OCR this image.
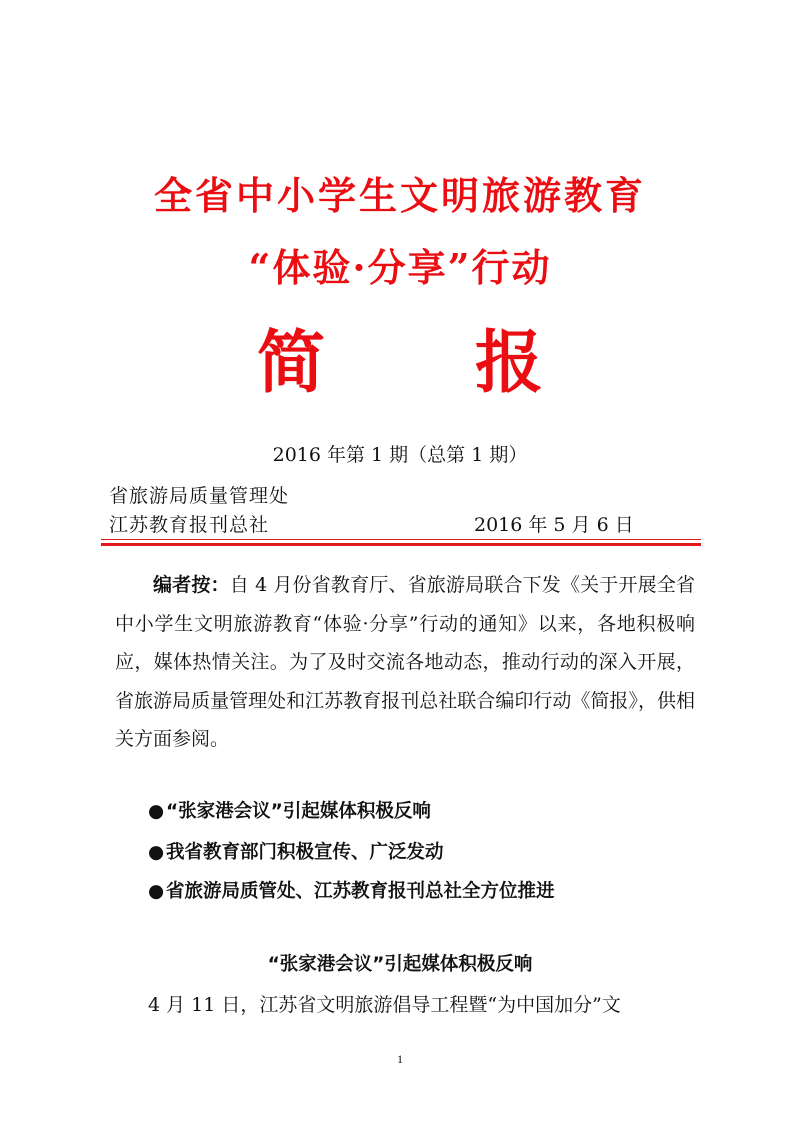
全省中小学生文明旅游教育
“体验·分享”行动
简 报
2016 年第 1 期（总第 1 期）
省旅游局质量管理处
江苏教育报刊总社	2016 年 5 月 6 日
编者按：自 4 月份省教育厅、省旅游局联合下发《关于开展全省中小学生文明旅游教育“体验·分享”行动的通知》以来，各地积极响应，媒体热情关注。为了及时交流各地动态，推动行动的深入开展，省旅游局质量管理处和江苏教育报刊总社联合编印行动《简报》，供相关方面参阅。
●“张家港会议”引起媒体积极反响
●我省教育部门积极宣传、广泛发动
●省旅游局质管处、江苏教育报刊总社全方位推进
“张家港会议”引起媒体积极反响
4 月 11 日，江苏省文明旅游倡导工程暨“为中国加分”文
1
